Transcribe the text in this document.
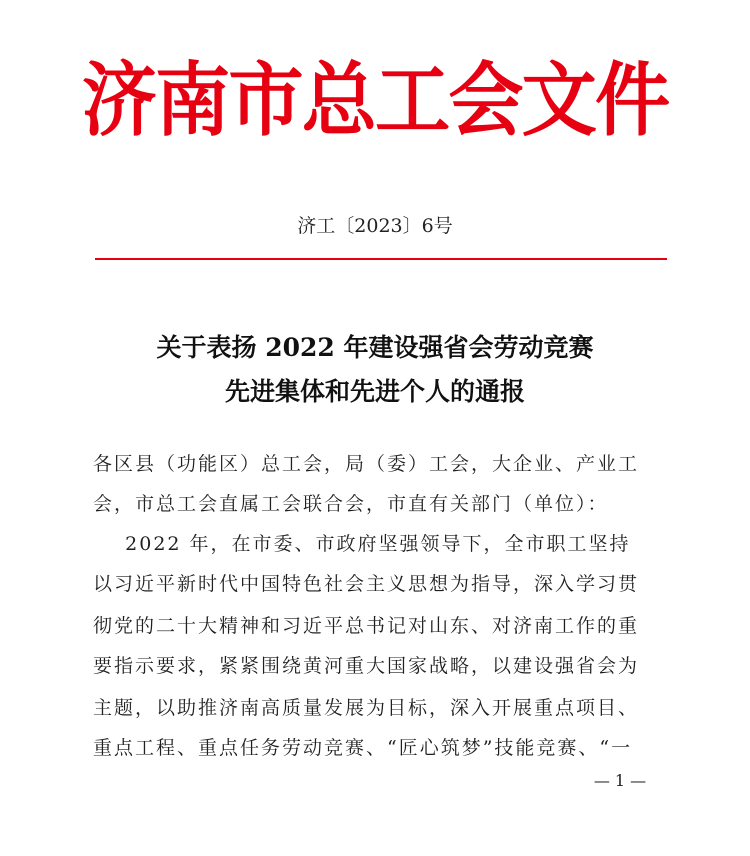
济南市总工会文件
济工〔2023〕6号
关于表扬 2022 年建设强省会劳动竞赛
先进集体和先进个人的通报
各区县（功能区）总工会，局（委）工会，大企业、产业工
会，市总工会直属工会联合会，市直有关部门（单位）：
2022 年，在市委、市政府坚强领导下，全市职工坚持
以习近平新时代中国特色社会主义思想为指导，深入学习贯
彻党的二十大精神和习近平总书记对山东、对济南工作的重
要指示要求，紧紧围绕黄河重大国家战略，以建设强省会为
主题，以助推济南高质量发展为目标，深入开展重点项目、
重点工程、重点任务劳动竞赛、“匠心筑梦”技能竞赛、“一
— 1 —
